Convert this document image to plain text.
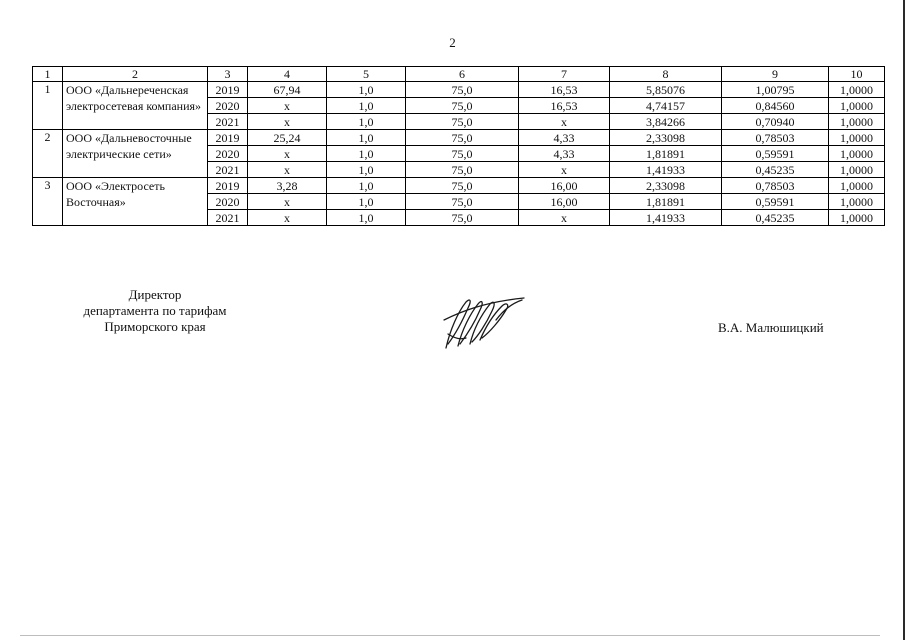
2
1	2	3	4	5	6	7	8	9	10
1	ООО «Дальнереченская электросетевая компания»	2019	67,94	1,0	75,0	16,53	5,85076	1,00795	1,0000
		2020	x	1,0	75,0	16,53	4,74157	0,84560	1,0000
		2021	x	1,0	75,0	x	3,84266	0,70940	1,0000
2	ООО «Дальневосточные электрические сети»	2019	25,24	1,0	75,0	4,33	2,33098	0,78503	1,0000
		2020	x	1,0	75,0	4,33	1,81891	0,59591	1,0000
		2021	x	1,0	75,0	x	1,41933	0,45235	1,0000
3	ООО «Электросеть Восточная»	2019	3,28	1,0	75,0	16,00	2,33098	0,78503	1,0000
		2020	x	1,0	75,0	16,00	1,81891	0,59591	1,0000
		2021	x	1,0	75,0	x	1,41933	0,45235	1,0000
Директор
департамента по тарифам
Приморского края	В.А. Малюшицкий
